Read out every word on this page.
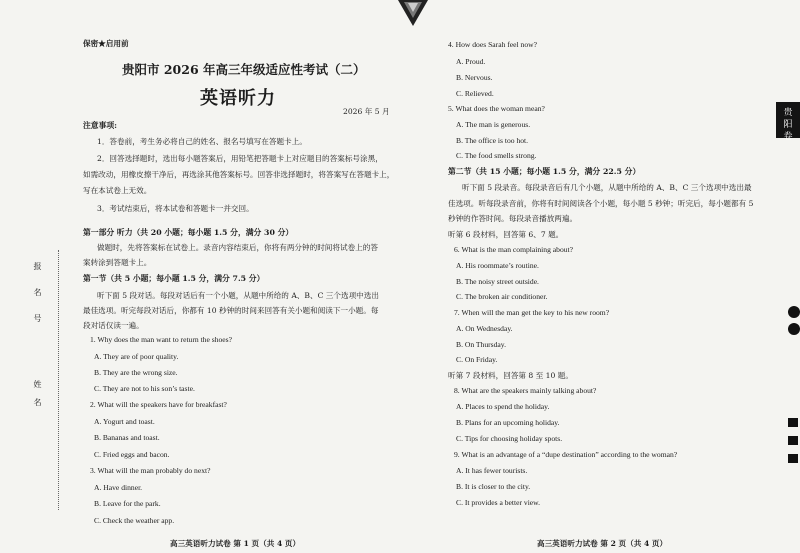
报名号
姓名
保密★启用前
贵阳市 2026 年高三年级适应性考试（二）
英语听力
2026 年 5 月
注意事项:
1．答卷前，考生务必将自己的姓名、报名号填写在答题卡上。
2．回答选择题时，选出每小题答案后，用铅笔把答题卡上对应题目的答案标号涂黑，
如需改动，用橡皮擦干净后，再选涂其他答案标号。回答非选择题时，将答案写在答题卡上，
写在本试卷上无效。
3．考试结束后，将本试卷和答题卡一并交回。
第一部分 听力（共 20 小题；每小题 1.5 分，满分 30 分）
做题时，先将答案标在试卷上。录音内容结束后，你将有两分钟的时间将试卷上的答
案转涂到答题卡上。
第一节（共 5 小题；每小题 1.5 分，满分 7.5 分）
听下面 5 段对话。每段对话后有一个小题，从题中所给的 A、B、C 三个选项中选出
最佳选项。听完每段对话后，你都有 10 秒钟的时间来回答有关小题和阅读下一小题。每
段对话仅读一遍。
1. Why does the man want to return the shoes?
A. They are of poor quality.
B. They are the wrong size.
C. They are not to his son’s taste.
2. What will the speakers have for breakfast?
A. Yogurt and toast.
B. Bananas and toast.
C. Fried eggs and bacon.
3. What will the man probably do next?
A. Have dinner.
B. Leave for the park.
C. Check the weather app.
高三英语听力试卷 第 1 页（共 4 页）
4. How does Sarah feel now?
A. Proud.
B. Nervous.
C. Relieved.
5. What does the woman mean?
A. The man is generous.
B. The office is too hot.
C. The food smells strong.
第二节（共 15 小题；每小题 1.5 分，满分 22.5 分）
听下面 5 段录音。每段录音后有几个小题，从题中所给的 A、B、C 三个选项中选出最
佳选项。听每段录音前，你将有时间阅读各个小题，每小题 5 秒钟；听完后，每小题都有 5
秒钟的作答时间。每段录音播放两遍。
听第 6 段材料，回答第 6、7 题。
6. What is the man complaining about?
A. His roommate’s routine.
B. The noisy street outside.
C. The broken air conditioner.
7. When will the man get the key to his new room?
A. On Wednesday.
B. On Thursday.
C. On Friday.
听第 7 段材料，回答第 8 至 10 题。
8. What are the speakers mainly talking about?
A. Places to spend the holiday.
B. Plans for an upcoming holiday.
C. Tips for choosing holiday spots.
9. What is an advantage of a “dupe destination” according to the woman?
A. It has fewer tourists.
B. It is closer to the city.
C. It provides a better view.
高三英语听力试卷 第 2 页（共 4 页）
贵阳卷
